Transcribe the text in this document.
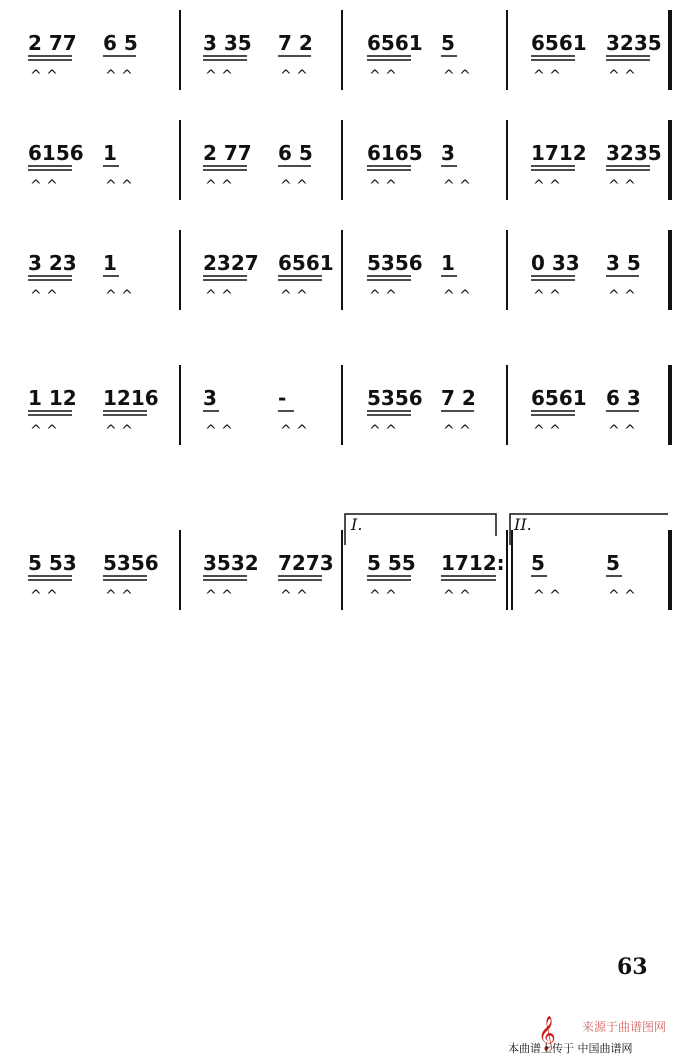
2 77
^ ^
6 5
^ ^
3 35
^ ^
7 2
^ ^
6561
^ ^
5
^ ^
6561
^ ^
3235
^ ^
6156
^ ^
1
^ ^
2 77
^ ^
6 5
^ ^
6165
^ ^
3
^ ^
1712
^ ^
3235
^ ^
3 23
^ ^
1
^ ^
2327
^ ^
6561
^ ^
5356
^ ^
1
^ ^
0 33
^ ^
3 5
^ ^
1 12
^ ^
1216
^ ^
3
^ ^
-
^ ^
5356
^ ^
7 2
^ ^
6561
^ ^
6 3
^ ^
5 53
^ ^
5356
^ ^
3532
^ ^
7273
^ ^
5 55
^ ^
1712:
^ ^
5
^ ^
5
^ ^
I.	II.
63
𝄞 来源于曲谱图网
本曲谱上传于 中国曲谱网
